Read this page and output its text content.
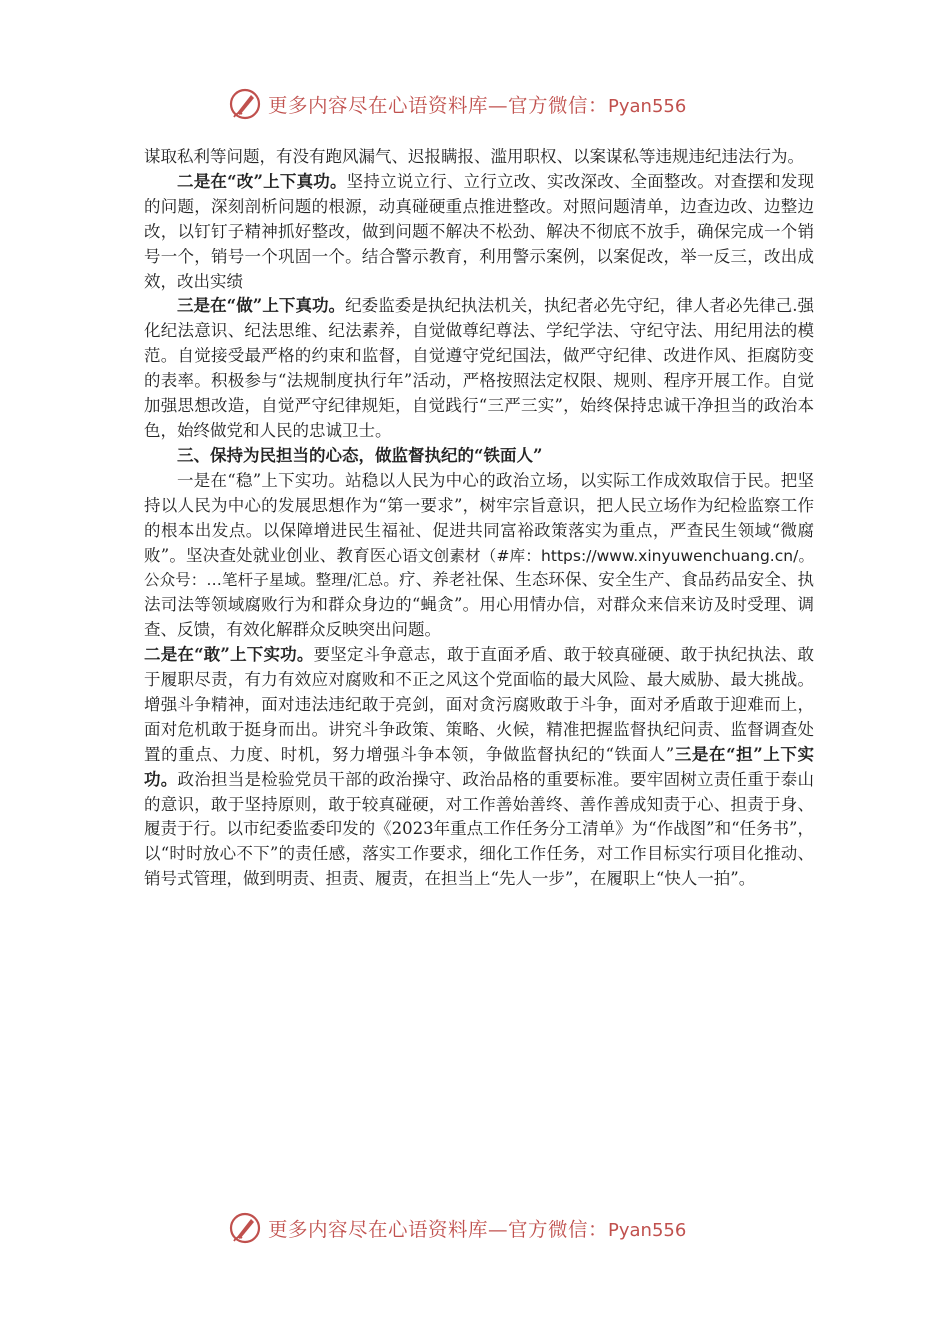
更多内容尽在心语资料库—官方微信：Pyan556

谋取私利等问题，有没有跑风漏气、迟报瞒报、滥用职权、以案谋私等违规违纪违法行为。

二是在“改”上下真功。坚持立说立行、立行立改、实改深改、全面整改。对查摆和发现的问题，深刻剖析问题的根源，动真碰硬重点推进整改。对照问题清单，边查边改、边整边改，以钉钉子精神抓好整改，做到问题不解决不松劲、解决不彻底不放手，确保完成一个销号一个，销号一个巩固一个。结合警示教育，利用警示案例，以案促改，举一反三，改出成效，改出实绩

三是在“做”上下真功。纪委监委是执纪执法机关，执纪者必先守纪，律人者必先律己.强化纪法意识、纪法思维、纪法素养，自觉做尊纪尊法、学纪学法、守纪守法、用纪用法的模范。自觉接受最严格的约束和监督，自觉遵守党纪国法，做严守纪律、改进作风、拒腐防变的表率。积极参与“法规制度执行年”活动，严格按照法定权限、规则、程序开展工作。自觉加强思想改造，自觉严守纪律规矩，自觉践行“三严三实”，始终保持忠诚干净担当的政治本色，始终做党和人民的忠诚卫士。

三、保持为民担当的心态，做监督执纪的“铁面人”

一是在“稳”上下实功。站稳以人民为中心的政治立场，以实际工作成效取信于民。把坚持以人民为中心的发展思想作为“第一要求”，树牢宗旨意识，把人民立场作为纪检监察工作的根本出发点。以保障增进民生福祉、促进共同富裕政策落实为重点，严查民生领域“微腐败”。坚决查处就业创业、教育医心语文创素材（#库：https://www.xinyuwenchuang.cn/。公众号：…笔杆子星域。整理/汇总。疗、养老社保、生态环保、安全生产、食品药品安全、执法司法等领域腐败行为和群众身边的“蝇贪”。用心用情办信，对群众来信来访及时受理、调查、反馈，有效化解群众反映突出问题。

二是在“敢”上下实功。要坚定斗争意志，敢于直面矛盾、敢于较真碰硬、敢于执纪执法、敢于履职尽责，有力有效应对腐败和不正之风这个党面临的最大风险、最大威胁、最大挑战。增强斗争精神，面对违法违纪敢于亮剑，面对贪污腐败敢于斗争，面对矛盾敢于迎难而上，面对危机敢于挺身而出。讲究斗争政策、策略、火候，精准把握监督执纪问责、监督调查处置的重点、力度、时机，努力增强斗争本领，争做监督执纪的“铁面人”三是在“担”上下实功。政治担当是检验党员干部的政治操守、政治品格的重要标准。要牢固树立责任重于泰山的意识，敢于坚持原则，敢于较真碰硬，对工作善始善终、善作善成知责于心、担责于身、履责于行。以市纪委监委印发的《2023年重点工作任务分工清单》为“作战图”和“任务书”，以“时时放心不下”的责任感，落实工作要求，细化工作任务，对工作目标实行项目化推动、销号式管理，做到明责、担责、履责，在担当上“先人一步”，在履职上“快人一拍”。

更多内容尽在心语资料库—官方微信：Pyan556
